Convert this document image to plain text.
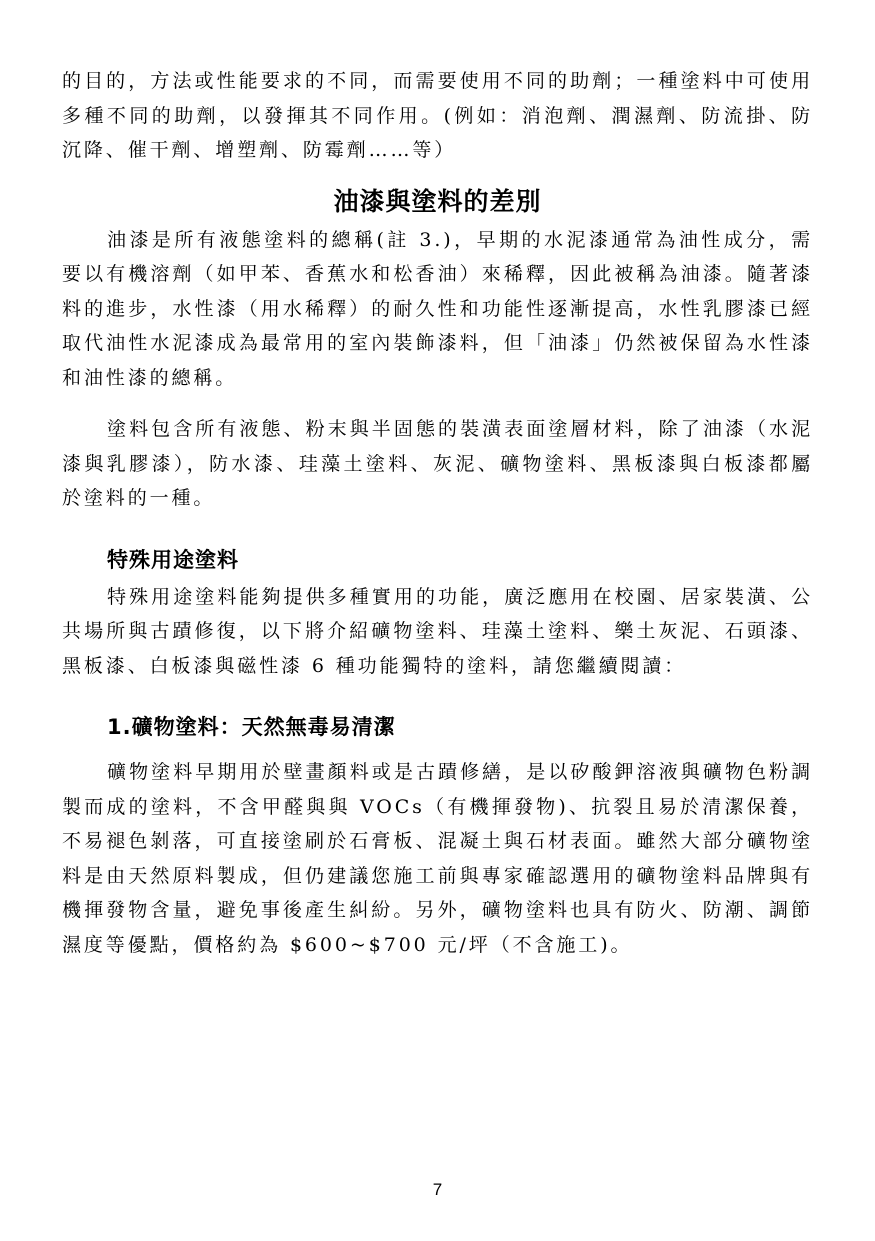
的目的，方法或性能要求的不同，而需要使用不同的助劑；一種塗料中可使用多種不同的助劑，以發揮其不同作用。(例如：消泡劑、潤濕劑、防流掛、防沉降、催干劑、增塑劑、防霉劑……等）

油漆與塗料的差別

油漆是所有液態塗料的總稱(註 3.)，早期的水泥漆通常為油性成分，需要以有機溶劑（如甲苯、香蕉水和松香油）來稀釋，因此被稱為油漆。隨著漆料的進步，水性漆（用水稀釋）的耐久性和功能性逐漸提高，水性乳膠漆已經取代油性水泥漆成為最常用的室內裝飾漆料，但「油漆」仍然被保留為水性漆和油性漆的總稱。

塗料包含所有液態、粉末與半固態的裝潢表面塗層材料，除了油漆（水泥漆與乳膠漆），防水漆、珪藻土塗料、灰泥、礦物塗料、黑板漆與白板漆都屬於塗料的一種。

特殊用途塗料

特殊用途塗料能夠提供多種實用的功能，廣泛應用在校園、居家裝潢、公共場所與古蹟修復，以下將介紹礦物塗料、珪藻土塗料、樂土灰泥、石頭漆、黑板漆、白板漆與磁性漆 6 種功能獨特的塗料，請您繼續閱讀：

1.礦物塗料：天然無毒易清潔

礦物塗料早期用於壁畫顏料或是古蹟修繕，是以矽酸鉀溶液與礦物色粉調製而成的塗料，不含甲醛與與 VOCs（有機揮發物)、抗裂且易於清潔保養，不易褪色剝落，可直接塗刷於石膏板、混凝土與石材表面。雖然大部分礦物塗料是由天然原料製成，但仍建議您施工前與專家確認選用的礦物塗料品牌與有機揮發物含量，避免事後產生糾紛。另外，礦物塗料也具有防火、防潮、調節濕度等優點，價格約為 $600~$700 元/坪（不含施工)。

7
